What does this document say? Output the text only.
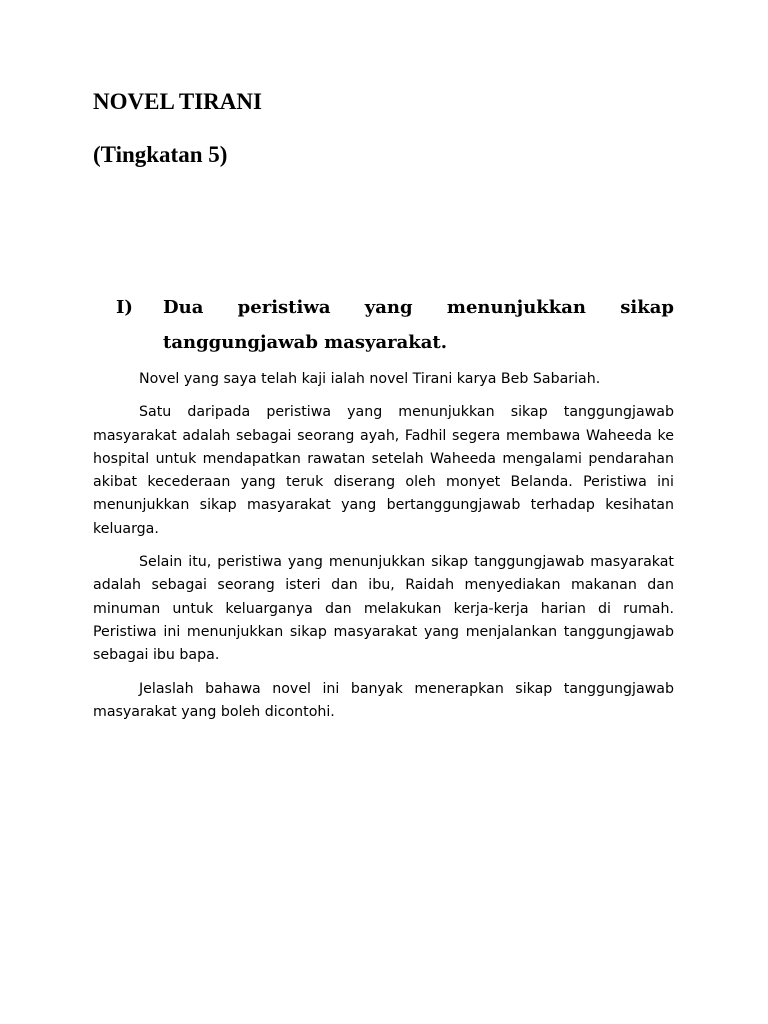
NOVEL TIRANI
(Tingkatan 5)
I) Dua peristiwa yang menunjukkan sikap tanggungjawab masyarakat.

Novel yang saya telah kaji ialah novel Tirani karya Beb Sabariah.

Satu daripada peristiwa yang menunjukkan sikap tanggungjawab masyarakat adalah sebagai seorang ayah, Fadhil segera membawa Waheeda ke hospital untuk mendapatkan rawatan setelah Waheeda mengalami pendarahan akibat kecederaan yang teruk diserang oleh monyet Belanda. Peristiwa ini menunjukkan sikap masyarakat yang bertanggungjawab terhadap kesihatan keluarga.

Selain itu, peristiwa yang menunjukkan sikap tanggungjawab masyarakat adalah sebagai seorang isteri dan ibu, Raidah menyediakan makanan dan minuman untuk keluarganya dan melakukan kerja-kerja harian di rumah. Peristiwa ini menunjukkan sikap masyarakat yang menjalankan tanggungjawab sebagai ibu bapa.

Jelaslah bahawa novel ini banyak menerapkan sikap tanggungjawab masyarakat yang boleh dicontohi.
